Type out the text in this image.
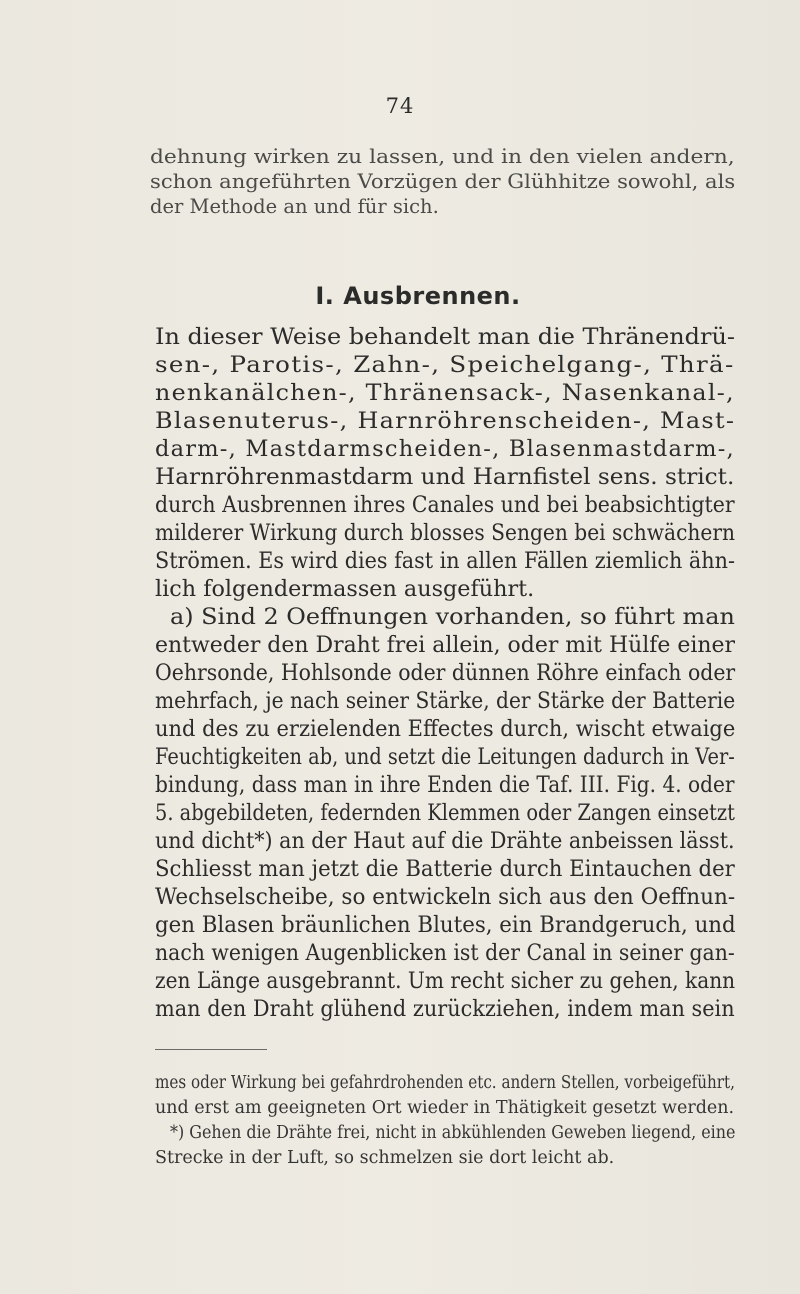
74
dehnung wirken zu lassen, und in den vielen andern,
schon angeführten Vorzügen der Glühhitze sowohl, als
der Methode an und für sich.
I. Ausbrennen.
In dieser Weise behandelt man die Thränendrü-
sen-, Parotis-, Zahn-, Speichelgang-, Thrä-
nenkanälchen-, Thränensack-, Nasenkanal-,
Blasenuterus-, Harnröhrenscheiden-, Mast-
darm-, Mastdarmscheiden-, Blasenmastdarm-,
Harnröhrenmastdarm und Harnfistel sens. strict.
durch Ausbrennen ihres Canales und bei beabsichtigter
milderer Wirkung durch blosses Sengen bei schwächern
Strömen. Es wird dies fast in allen Fällen ziemlich ähn-
lich folgendermassen ausgeführt.
a) Sind 2 Oeffnungen vorhanden, so führt man
entweder den Draht frei allein, oder mit Hülfe einer
Oehrsonde, Hohlsonde oder dünnen Röhre einfach oder
mehrfach, je nach seiner Stärke, der Stärke der Batterie
und des zu erzielenden Effectes durch, wischt etwaige
Feuchtigkeiten ab, und setzt die Leitungen dadurch in Ver-
bindung, dass man in ihre Enden die Taf. III. Fig. 4. oder
5. abgebildeten, federnden Klemmen oder Zangen einsetzt
und dicht*) an der Haut auf die Drähte anbeissen lässt.
Schliesst man jetzt die Batterie durch Eintauchen der
Wechselscheibe, so entwickeln sich aus den Oeffnun-
gen Blasen bräunlichen Blutes, ein Brandgeruch, und
nach wenigen Augenblicken ist der Canal in seiner gan-
zen Länge ausgebrannt. Um recht sicher zu gehen, kann
man den Draht glühend zurückziehen, indem man sein
mes oder Wirkung bei gefahrdrohenden etc. andern Stellen, vorbeigeführt,
und erst am geeigneten Ort wieder in Thätigkeit gesetzt werden.
*) Gehen die Drähte frei, nicht in abkühlenden Geweben liegend, eine
Strecke in der Luft, so schmelzen sie dort leicht ab.
